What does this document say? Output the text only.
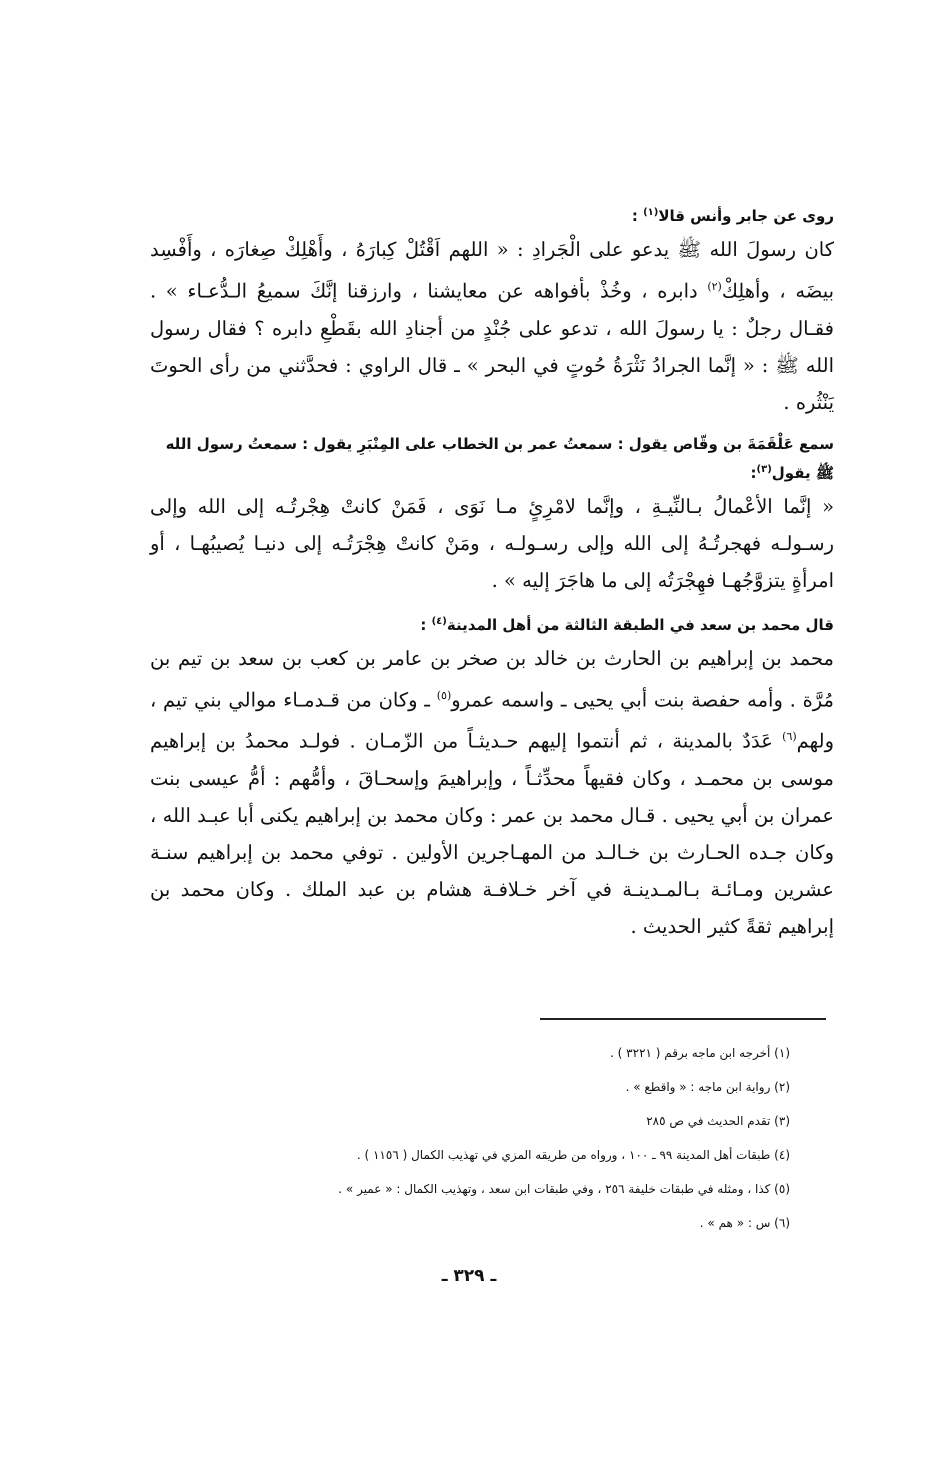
روى عن جابر وأنس قالا$^{(١)}$ :

كان رسولَ الله ﷺ يدعو على الْجَرادِ : « اللهم اَقْتُلْ كِبارَهُ ، وأَهْلِكْ صِغارَه ، وأَفْسِد بيضَه ، وأهلِكْ$^{(٢)}$ دابره ، وخُذْ بأفواهه عن معايشنا ، وارزقنا إنَّكَ سميعُ الـدُّعـاء » . فقـال رجلٌ : يا رسولَ الله ، تدعو على جُنْدٍ من أجنادِ الله بقَطْعِ دابره ؟ فقال رسول الله ﷺ : « إنَّما الجرادُ نَثْرَةُ حُوتٍ في البحر » ـ قال الراوي : فحدَّثني من رأى الحوتَ يَنْثُره .

سمع عَلْقَمَةَ بن وقّاص يقول : سمعتُ عمر بن الخطاب على المِنْبَرِ يقول : سمعتُ رسول الله ﷺ يقول$^{(٣)}$:

« إنَّما الأعْمالُ بـالنِّيـةِ ، وإنَّما لامْرِئٍ مـا نَوَى ، فَمَنْ كانتْ هِجْرتُـه إلى الله وإلى رسـولـه فهجرتُـهُ إلى الله وإلى رسـولـه ، ومَنْ كانتْ هِجْرَتُـه إلى دنيـا يُصيبُهـا ، أو امرأةٍ يتزوَّجُهـا فهِجْرَتُه إلى ما هاجَرَ إليه » .

قال محمد بن سعد في الطبقة الثالثة من أهل المدينة$^{(٤)}$ :

محمد بن إبراهيم بن الحارث بن خالد بن صخر بن عامر بن كعب بن سعد بن تيم بن مُرَّة . وأمه حفصة بنت أبي يحيى ـ واسمه عمرو$^{(٥)}$ ـ وكان من قـدمـاء موالي بني تيم ، ولهم$^{(٦)}$ عَدَدٌ بالمدينة ، ثم أنتموا إليهم حـديثـاً من الزّمـان . فولـد محمدُ بن إبراهيم موسى بن محمـد ، وكان فقيهاً محدِّثـاً ، وإبراهيمَ وإسحـاقَ ، وأمُّهم : أمُّ عيسى بنت عمران بن أبي يحيى . قـال محمد بن عمر : وكان محمد بن إبراهيم يكنى أبا عبـد الله ، وكان جـده الحـارث بن خـالـد من المهـاجرين الأولين . توفي محمد بن إبراهيم سنـة عشرين ومـائـة بـالمـدينـة في آخر خـلافـة هشام بن عبد الملك . وكان محمد بن إبراهيم ثقةً كثير الحديث .

(١) أخرجه ابن ماجه برقم ( ٣٢٢١ ) .
(٢) رواية ابن ماجه : « واقطع » .
(٣) تقدم الحديث في ص ٢٨٥
(٤) طبقات أهل المدينة ٩٩ ـ ١٠٠ ، ورواه من طريقه المزي في تهذيب الكمال ( ١١٥٦ ) .
(٥) كذا ، ومثله في طبقات خليفة ٢٥٦ ، وفي طبقات ابن سعد ، وتهذيب الكمال : « عمير » .
(٦) س : « هم » .
ـ ٣٢٩ ـ
